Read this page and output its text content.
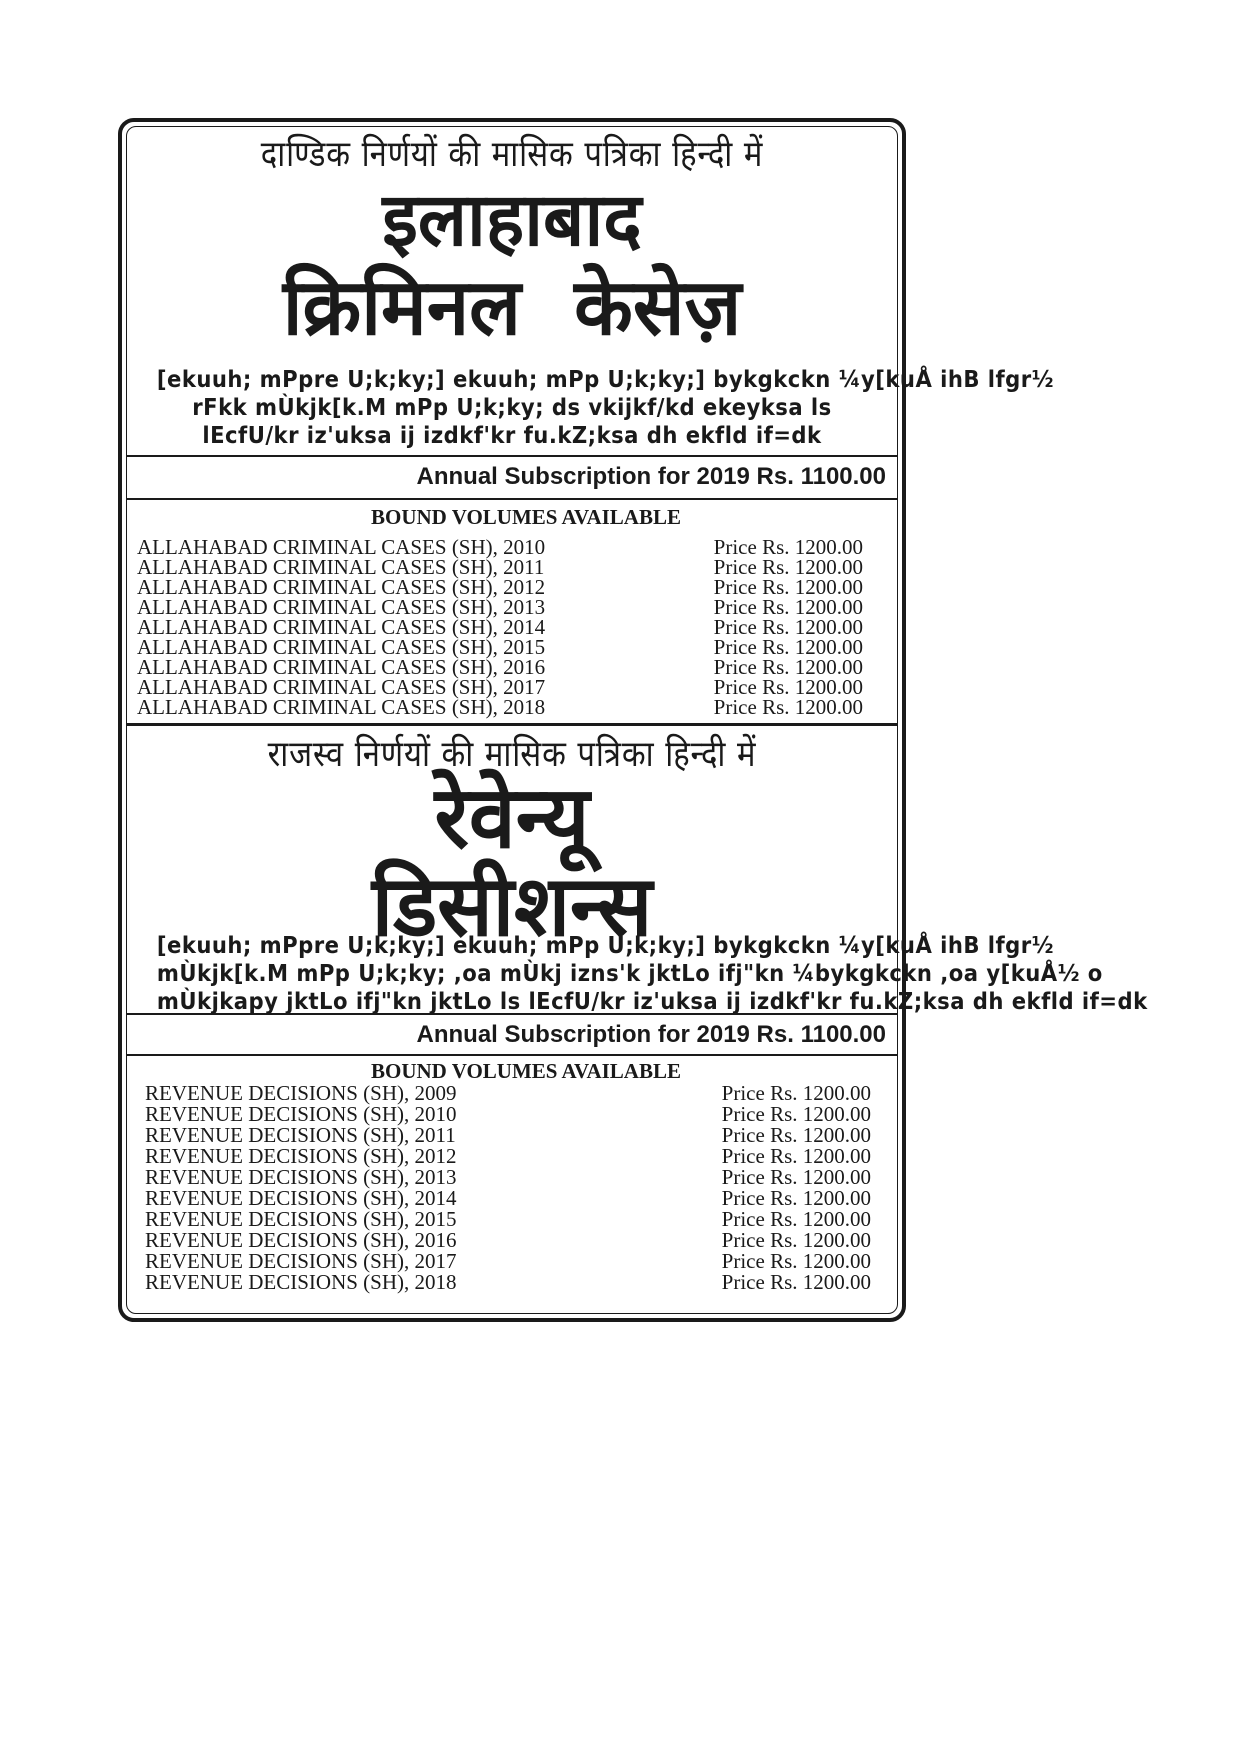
दाण्डिक निर्णयों की मासिक पत्रिका हिन्दी में
इलाहाबाद
क्रिमिनल  केसेज़
[ekuuh; mPpre U;k;ky;] ekuuh; mPp U;k;ky;] bykgkckn ¼y[kuÅ ihB lfgr½
rFkk mÙkjk[k.M mPp U;k;ky; ds vkijkf/kd ekeyksa ls
lEcfU/kr iz'uksa ij izdkf'kr fu.kZ;ksa dh ekfld if=dk
Annual Subscription for 2019 Rs. 1100.00
BOUND VOLUMES AVAILABLE
ALLAHABAD CRIMINAL CASES (SH), 2010	Price Rs. 1200.00
ALLAHABAD CRIMINAL CASES (SH), 2011	Price Rs. 1200.00
ALLAHABAD CRIMINAL CASES (SH), 2012	Price Rs. 1200.00
ALLAHABAD CRIMINAL CASES (SH), 2013	Price Rs. 1200.00
ALLAHABAD CRIMINAL CASES (SH), 2014	Price Rs. 1200.00
ALLAHABAD CRIMINAL CASES (SH), 2015	Price Rs. 1200.00
ALLAHABAD CRIMINAL CASES (SH), 2016	Price Rs. 1200.00
ALLAHABAD CRIMINAL CASES (SH), 2017	Price Rs. 1200.00
ALLAHABAD CRIMINAL CASES (SH), 2018	Price Rs. 1200.00
राजस्व निर्णयों की मासिक पत्रिका हिन्दी में
रेवेन्यू
डिसीशन्स
[ekuuh; mPpre U;k;ky;] ekuuh; mPp U;k;ky;] bykgkckn ¼y[kuÅ ihB lfgr½
mÙkjk[k.M mPp U;k;ky; ,oa mÙkj izns'k jktLo ifj"kn ¼bykgkckn ,oa y[kuÅ½ o
mÙkjkapy jktLo ifj"kn jktLo ls lEcfU/kr iz'uksa ij izdkf'kr fu.kZ;ksa dh ekfld if=dk
Annual Subscription for 2019 Rs. 1100.00
BOUND VOLUMES AVAILABLE
REVENUE DECISIONS (SH), 2009	Price Rs. 1200.00
REVENUE DECISIONS (SH), 2010	Price Rs. 1200.00
REVENUE DECISIONS (SH), 2011	Price Rs. 1200.00
REVENUE DECISIONS (SH), 2012	Price Rs. 1200.00
REVENUE DECISIONS (SH), 2013	Price Rs. 1200.00
REVENUE DECISIONS (SH), 2014	Price Rs. 1200.00
REVENUE DECISIONS (SH), 2015	Price Rs. 1200.00
REVENUE DECISIONS (SH), 2016	Price Rs. 1200.00
REVENUE DECISIONS (SH), 2017	Price Rs. 1200.00
REVENUE DECISIONS (SH), 2018	Price Rs. 1200.00
